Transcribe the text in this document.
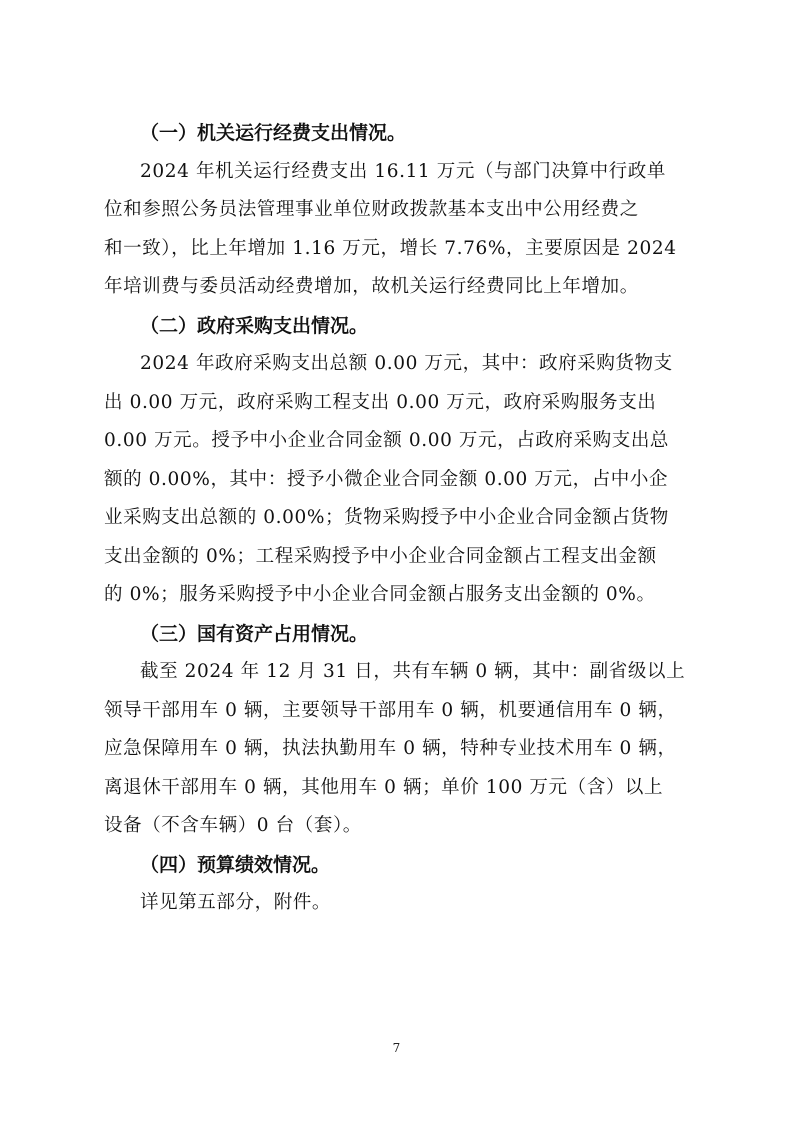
（一）机关运行经费支出情况。

2024 年机关运行经费支出 16.11 万元（与部门决算中行政单
位和参照公务员法管理事业单位财政拨款基本支出中公用经费之
和一致），比上年增加 1.16 万元，增长 7.76%，主要原因是 2024
年培训费与委员活动经费增加，故机关运行经费同比上年增加。

（二）政府采购支出情况。

2024 年政府采购支出总额 0.00 万元，其中：政府采购货物支
出 0.00 万元，政府采购工程支出 0.00 万元，政府采购服务支出
0.00 万元。授予中小企业合同金额 0.00 万元，占政府采购支出总
额的 0.00%，其中：授予小微企业合同金额 0.00 万元，占中小企
业采购支出总额的 0.00%；货物采购授予中小企业合同金额占货物
支出金额的 0%；工程采购授予中小企业合同金额占工程支出金额
的 0%；服务采购授予中小企业合同金额占服务支出金额的 0%。

（三）国有资产占用情况。

截至 2024 年 12 月 31 日，共有车辆 0 辆，其中：副省级以上
领导干部用车 0 辆，主要领导干部用车 0 辆，机要通信用车 0 辆，
应急保障用车 0 辆，执法执勤用车 0 辆，特种专业技术用车 0 辆，
离退休干部用车 0 辆，其他用车 0 辆；单价 100 万元（含）以上
设备（不含车辆）0 台（套）。

（四）预算绩效情况。

详见第五部分，附件。

7
